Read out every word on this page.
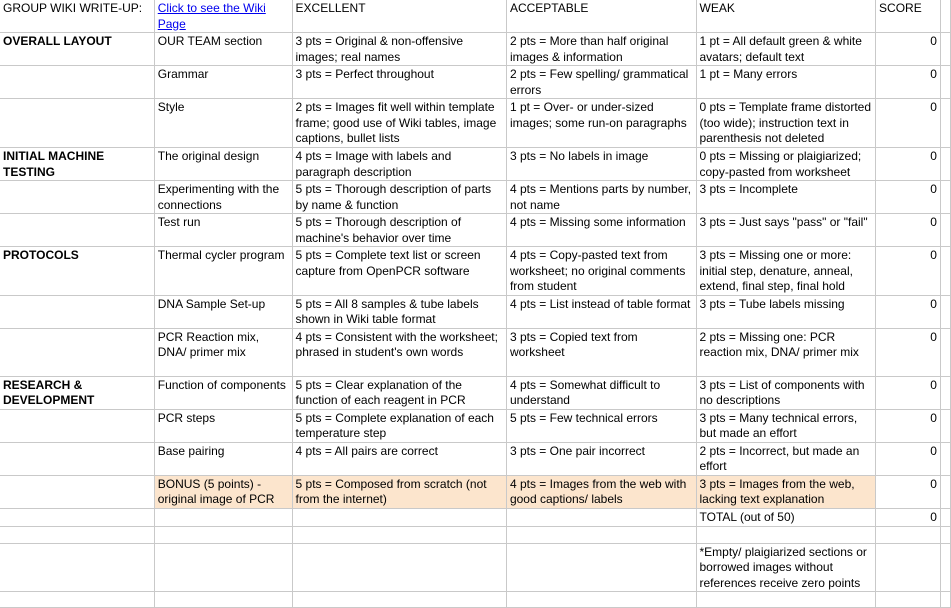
GROUP WIKI WRITE-UP:	Click to see the Wiki Page	EXCELLENT	ACCEPTABLE	WEAK	SCORE	
OVERALL LAYOUT	OUR TEAM section	3 pts = Original & non-offensive images; real names	2 pts = More than half original images & information	1 pt = All default green & white avatars; default text	0	
	Grammar	3 pts = Perfect throughout	2 pts = Few spelling/ grammatical errors	1 pt = Many errors	0	
	Style	2 pts = Images fit well within template frame; good use of Wiki tables, image captions, bullet lists	1 pt = Over- or under-sized images; some run-on paragraphs	0 pts = Template frame distorted (too wide); instruction text in parenthesis not deleted	0	
INITIAL MACHINE TESTING	The original design	4 pts = Image with labels and paragraph description	3 pts = No labels in image	0 pts = Missing or plaigiarized; copy-pasted from worksheet	0	
	Experimenting with the connections	5 pts = Thorough description of parts by name & function	4 pts = Mentions parts by number, not name	3 pts = Incomplete	0	
	Test run	5 pts = Thorough description of machine's behavior over time	4 pts = Missing some information	3 pts = Just says "pass" or "fail"	0	
PROTOCOLS	Thermal cycler program	5 pts = Complete text list or screen capture from OpenPCR software	4 pts = Copy-pasted text from worksheet; no original comments from student	3 pts = Missing one or more: initial step, denature, anneal, extend, final step, final hold	0	
	DNA Sample Set-up	5 pts = All 8 samples & tube labels shown in Wiki table format	4 pts = List instead of table format	3 pts = Tube labels missing	0	
	PCR Reaction mix, DNA/ primer mix	4 pts = Consistent with the worksheet; phrased in student's own words	3 pts = Copied text from worksheet	2 pts = Missing one: PCR reaction mix, DNA/ primer mix	0	
RESEARCH & DEVELOPMENT	Function of components	5 pts = Clear explanation of the function of each reagent in PCR	4 pts = Somewhat difficult to understand	3 pts = List of components with no descriptions	0	
	PCR steps	5 pts = Complete explanation of each temperature step	5 pts = Few technical errors	3 pts = Many technical errors, but made an effort	0	
	Base pairing	4 pts = All pairs are correct	3 pts = One pair incorrect	2 pts = Incorrect, but made an effort	0	
	BONUS (5 points) - original image of PCR	5 pts = Composed from scratch (not from the internet)	4 pts = Images from the web with good captions/ labels	3 pts = Images from the web, lacking text explanation	0	
				TOTAL (out of 50)	0	

				*Empty/ plaigiarized sections or borrowed images without references receive zero points		
